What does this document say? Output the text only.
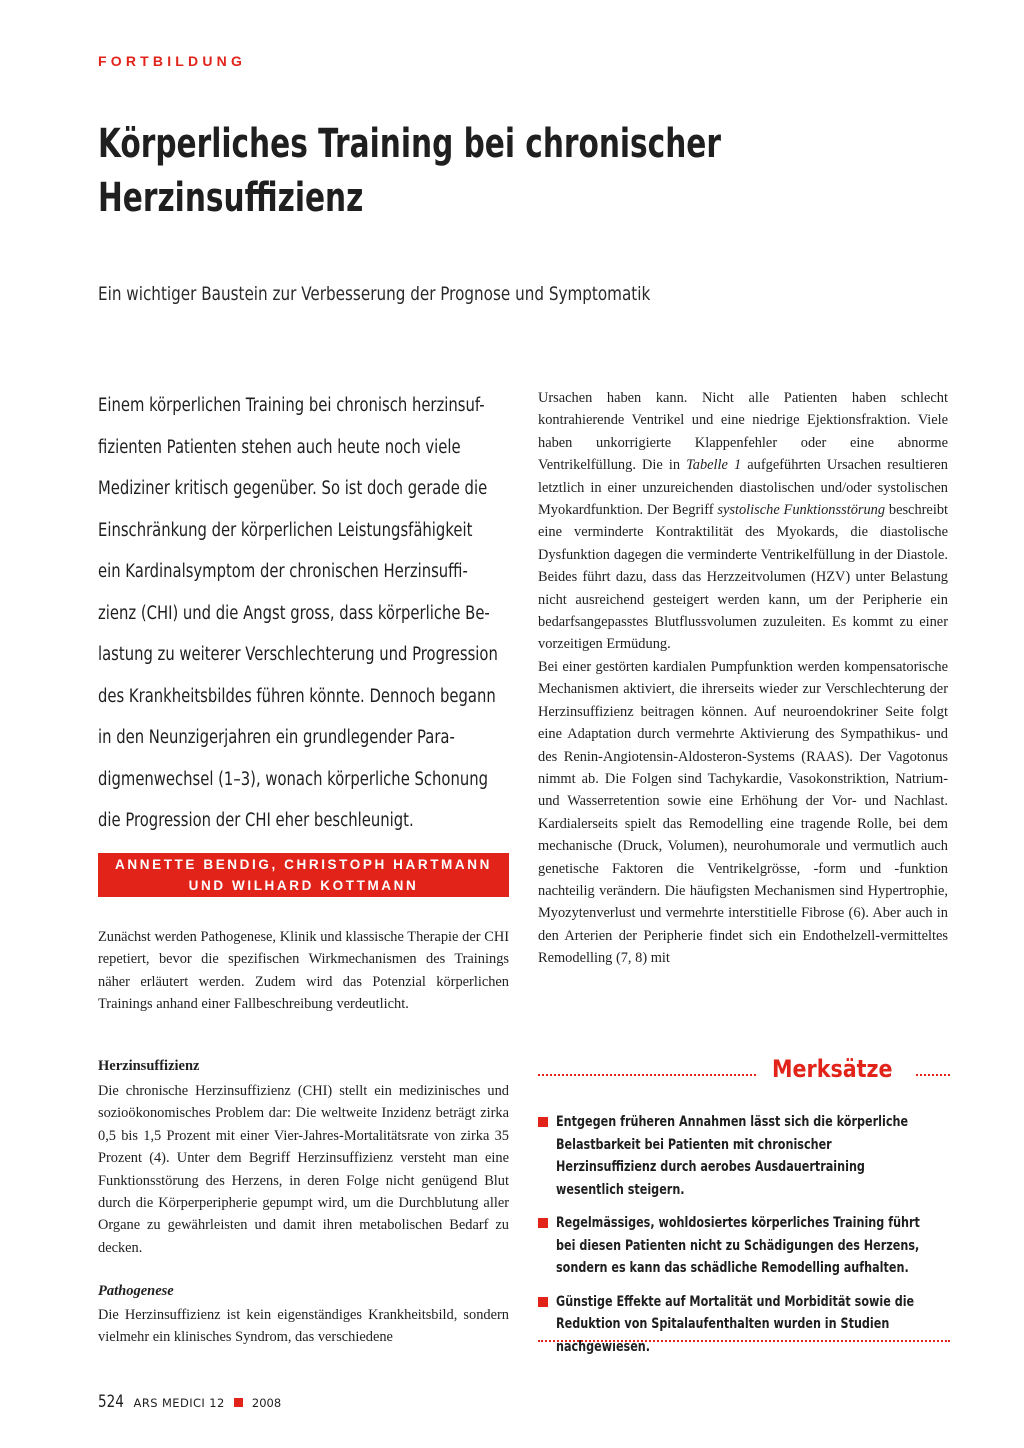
FORTBILDUNG
Körperliches Training bei chronischer
Herzinsuffizienz
Ein wichtiger Baustein zur Verbesserung der Prognose und Symptomatik
Einem körperlichen Training bei chronisch herzinsuf-
fizienten Patienten stehen auch heute noch viele
Mediziner kritisch gegenüber. So ist doch gerade die
Einschränkung der körperlichen Leistungsfähigkeit
ein Kardinalsymptom der chronischen Herzinsuffi-
zienz (CHI) und die Angst gross, dass körperliche Be-
lastung zu weiterer Verschlechterung und Progression
des Krankheitsbildes führen könnte. Dennoch begann
in den Neunzigerjahren ein grundlegender Para-
digmenwechsel (1–3), wonach körperliche Schonung
die Progression der CHI eher beschleunigt.
ANNETTE BENDIG, CHRISTOPH HARTMANN
UND WILHARD KOTTMANN

Zunächst werden Pathogenese, Klinik und klassische Therapie der CHI repetiert, bevor die spezifischen Wirkmechanismen des Trainings näher erläutert werden. Zudem wird das Potenzial körperlichen Trainings anhand einer Fallbeschreibung verdeutlicht.

Herzinsuffizienz

Die chronische Herzinsuffizienz (CHI) stellt ein medizinisches und sozioökonomisches Problem dar: Die weltweite Inzidenz beträgt zirka 0,5 bis 1,5 Prozent mit einer Vier-Jahres-Mortalitätsrate von zirka 35 Prozent (4). Unter dem Begriff Herzinsuffizienz versteht man eine Funktionsstörung des Herzens, in deren Folge nicht genügend Blut durch die Körperperipherie gepumpt wird, um die Durchblutung aller Organe zu gewährleisten und damit ihren metabolischen Bedarf zu decken.

Pathogenese

Die Herzinsuffizienz ist kein eigenständiges Krankheitsbild, sondern vielmehr ein klinisches Syndrom, das verschiedene

Ursachen haben kann. Nicht alle Patienten haben schlecht kontrahierende Ventrikel und eine niedrige Ejektionsfraktion. Viele haben unkorrigierte Klappenfehler oder eine abnorme Ventrikelfüllung. Die in Tabelle 1 aufgeführten Ursachen resultieren letztlich in einer unzureichenden diastolischen und/oder systolischen Myokardfunktion. Der Begriff systolische Funktionsstörung beschreibt eine verminderte Kontraktilität des Myokards, die diastolische Dysfunktion dagegen die verminderte Ventrikelfüllung in der Diastole. Beides führt dazu, dass das Herzzeitvolumen (HZV) unter Belastung nicht ausreichend gesteigert werden kann, um der Peripherie ein bedarfsangepasstes Blutflussvolumen zuzuleiten. Es kommt zu einer vorzeitigen Ermüdung.

Bei einer gestörten kardialen Pumpfunktion werden kompensatorische Mechanismen aktiviert, die ihrerseits wieder zur Verschlechterung der Herzinsuffizienz beitragen können. Auf neuroendokriner Seite folgt eine Adaptation durch vermehrte Aktivierung des Sympathikus- und des Renin-Angiotensin-Aldosteron-Systems (RAAS). Der Vagotonus nimmt ab. Die Folgen sind Tachykardie, Vasokonstriktion, Natrium- und Wasserretention sowie eine Erhöhung der Vor- und Nachlast. Kardialerseits spielt das Remodelling eine tragende Rolle, bei dem mechanische (Druck, Volumen), neurohumorale und vermutlich auch genetische Faktoren die Ventrikelgrösse, -form und -funktion nachteilig verändern. Die häufigsten Mechanismen sind Hypertrophie, Myozytenverlust und vermehrte interstitielle Fibrose (6). Aber auch in den Arterien der Peripherie findet sich ein Endothelzell-vermitteltes Remodelling (7, 8) mit

Merksätze
Entgegen früheren Annahmen lässt sich die körperliche Belastbarkeit bei Patienten mit chronischer Herzinsuffizienz durch aerobes Ausdauertraining wesentlich steigern.
Regelmässiges, wohldosiertes körperliches Training führt bei diesen Patienten nicht zu Schädigungen des Herzens, sondern es kann das schädliche Remodelling aufhalten.
Günstige Effekte auf Mortalität und Morbidität sowie die Reduktion von Spitalaufenthalten wurden in Studien nachgewiesen.
524 ARS MEDICI 12 2008
